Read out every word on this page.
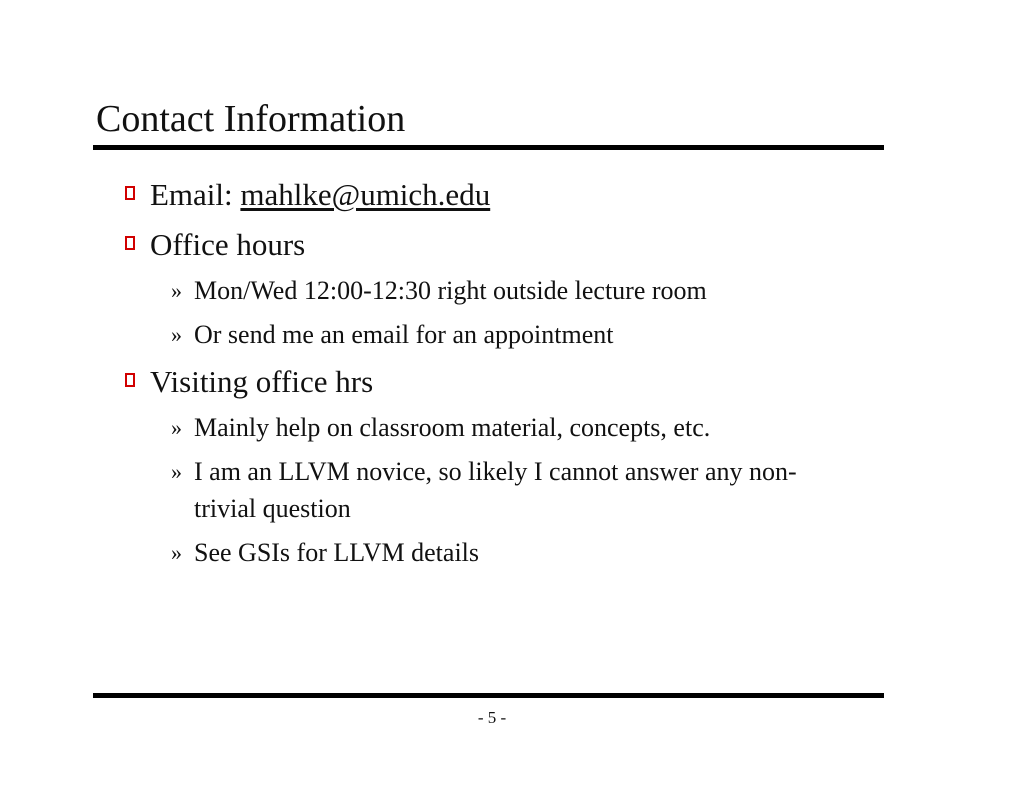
Contact Information
Email: mahlke@umich.edu
Office hours
» Mon/Wed 12:00-12:30 right outside lecture room
» Or send me an email for an appointment
Visiting office hrs
» Mainly help on classroom material, concepts, etc.
» I am an LLVM novice, so likely I cannot answer any non-trivial question
» See GSIs for LLVM details
- 5 -
